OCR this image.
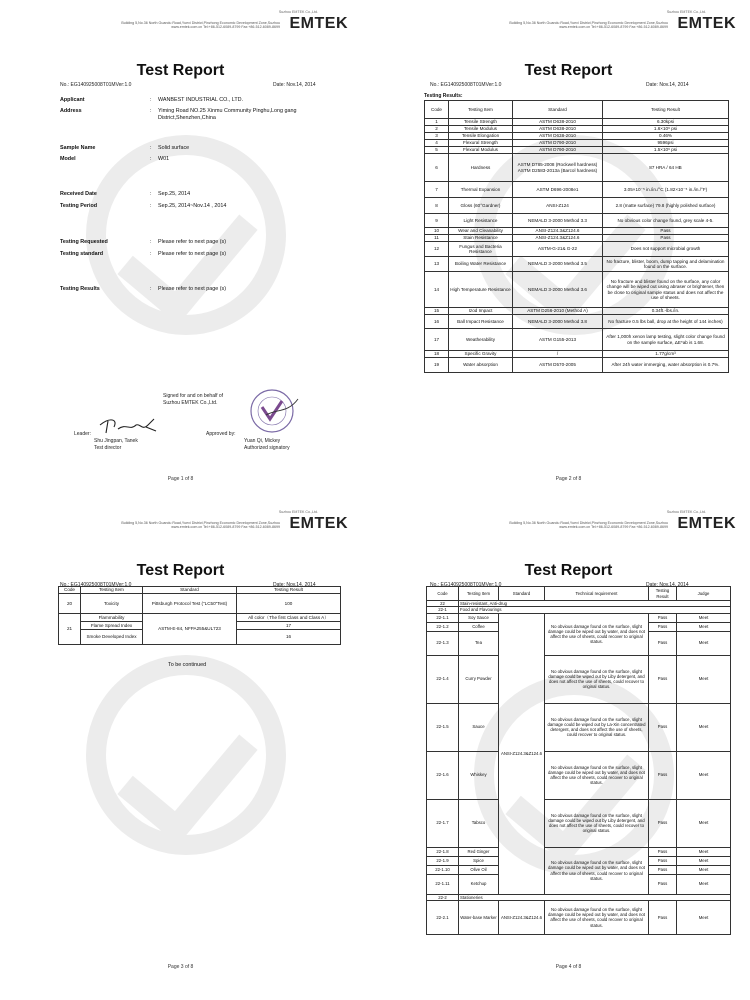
Building 5,No.36 North Guandu Road,Yuexi District,Pinzhong Economic Development Zone,Suzhou
www.emtek.com.cn Tel:+86-512-6089-8799 Fax:+86-512-6089-8699
Suzhou EMTEK Co.,Ltd.
EMTEK
Test Report
No.: EG140925008T01MVer:1.0	Date: Nov.14, 2014
Applicant	: WANBEST INDUSTRIAL CO., LTD.
Address	: Yiming Road NO.25 Xinmu Community Pinghu,Long gang
District,Shenzhen,China
Sample Name	: Solid surface
Model	: W01
Received Date	: Sep.25, 2014
Testing Period	: Sep.25, 2014~Nov.14 , 2014
Testing Requested	: Please refer to next page (s)
Testing standard	: Please refer to next page (s)
Testing Results	: Please refer to next page (s)
Signed for and on behalf of
Suzhou EMTEK Co.,Ltd.
Leader:
Shu Jingpan, Tanek
Test director
Approved by:
Yuan Qi, Mickey
Authorized signatory
Page 1 of 8
Building 5,No.36 North Guandu Road,Yuexi District,Pinzhong Economic Development Zone,Suzhou
www.emtek.com.cn Tel:+86-512-6089-8799 Fax:+86-512-6089-8699
Suzhou EMTEK Co.,Ltd.
EMTEK
Test Report
No.: EG140925008T01MVer:1.0	Date: Nov.14, 2014
Testing Results:
Code	Testing Item	Standard	Testing Result
1	Tensile Strength	ASTM D638-2010	6.30kpsi
2	Tensile Modulus	ASTM D638-2010	1.6×10⁶ psi
3	Tensile Elongation	ASTM D638-2010	0.46%
4	Flexural Strength	ASTM D790-2010	9596psi
5	Flexural Modulus	ASTM D790-2010	1.5×10⁶ psi
6	Hardness	ASTM D785-2008 (Rockwell hardness) ASTM D2583-2013a (Barcol hardness)	87 HRA / 64 HB
7	Thermal Expansion	ASTM D696-2008e1	3.05×10⁻⁵ in./in./°C (1.82×10⁻⁵ in./in./°F)
8	Gloss (60°Gardner)	ANSI-Z124	2.8 (matte surface) 79.8 (highly polished surface)
9	Light Resistance	NEMALD 3-2000 Method 3.3	No obvious color change found, grey scale 4-5.
10	Wear and Cleanability	ANSI-Z124.3&Z124.6	Pass
11	Stain Resistance	ANSI-Z124.3&Z124.6	Pass
12	Fungus and Bacteria Resistance	ASTM-G-21& G-22	Does not support microbial growth
13	Boiling Water Resistance	NEMALD 3-2000 Method 3.5	No fracture, blister, boom, dump tapping and delamination found on the surface.
14	High Temperature Resistance	NEMALD 3-2000 Method 3.6	No fracture and blister found on the surface, any color change will be wiped out using abraser or brightener, then be close to original sample status and does not affect the use of sheets.
15	Izod Impact	ASTM D256-2010 (Method A)	0.34ft.-lbs./in.
16	Ball Impact Resistance	NEMALD 3-2000 Method 3.8	No fracture 0.5 lbs ball, drop at the height of 144 inches)
17	Weatherability	ASTM G155-2013	After 1,000h xenon lamp testing, slight color change found on the sample surface, ΔE*ab is 1.68.
18	Specific Gravity	/	1.77g/cm³
19	Water absorption	ASTM D570-2005	After 24h water immerging, water absorption is 0.7%.
Page 2 of 8
Building 5,No.36 North Guandu Road,Yuexi District,Pinzhong Economic Development Zone,Suzhou
www.emtek.com.cn Tel:+86-512-6089-8799 Fax:+86-512-6089-8699
Suzhou EMTEK Co.,Ltd.
EMTEK
Test Report
No.: EG140925008T01MVer:1.0	Date: Nov.14, 2014
Code	Testing Item	Standard	Testing Result
20	Toxicity	Pittsburgh Protocol Test ("LC50"Test)	100
21	Flammability	ASTM-E-84, NFPA255&UL723	All color（The first Class and Class A）
	Flame Spread Index		17
	Smoke Developed Index		16
To be continued
Page 3 of 8
Building 5,No.36 North Guandu Road,Yuexi District,Pinzhong Economic Development Zone,Suzhou
www.emtek.com.cn Tel:+86-512-6089-8799 Fax:+86-512-6089-8699
Suzhou EMTEK Co.,Ltd.
EMTEK
Test Report
No.: EG140925008T01MVer:1.0	Date: Nov.14, 2014
Code	Testing Item	Standard	Technical requirement	Testing Result	Judge
22	Stain-resistant, Anti-drug				
22-1	Food and Flavourings				
22-1.1	Soy Sauce	ANSI-Z124.3&Z124.6	No obvious damage found on the surface, slight damage could be wiped out by water, and does not affect the use of sheets, could recover to original status.	Pass	Meet
22-1.2	Coffee			Pass	Meet
22-1.3	Tea			Pass	Meet
22-1.4	Curry Powder		No obvious damage found on the surface, slight damage could be wiped out by Liby detergent, and does not affect the use of sheets, could recover to original status.	Pass	Meet
22-1.5	Sauce		No obvious damage found on the surface, slight damage could be wiped out by La-Xin concentrated detergent, and does not affect the use of sheets, could recover to original status.	Pass	Meet
22-1.6	Whiskey		No obvious damage found on the surface, slight damage could be wiped out by water, and does not affect the use of sheets, could recover to original status.	Pass	Meet
22-1.7	Tabsco		No obvious damage found on the surface, slight damage could be wiped out by Liby detergent, and does not affect the use of sheets, could recover to original status.	Pass	Meet
22-1.8	Red Ginger		No obvious damage found on the surface, slight damage could be wiped out by water, and does not affect the use of sheets, could recover to original status.	Pass	Meet
22-1.9	Spice			Pass	Meet
22-1.10	Olive Oil			Pass	Meet
22-1.11	Ketchup			Pass	Meet
22-2	Stationeries				
22-2.1	Water-base Marker	ANSI-Z124.3&Z124.6	No obvious damage found on the surface, slight damage could be wiped out by water, and does not affect the use of sheets, could recover to original status.	Pass	Meet
Page 4 of 8
